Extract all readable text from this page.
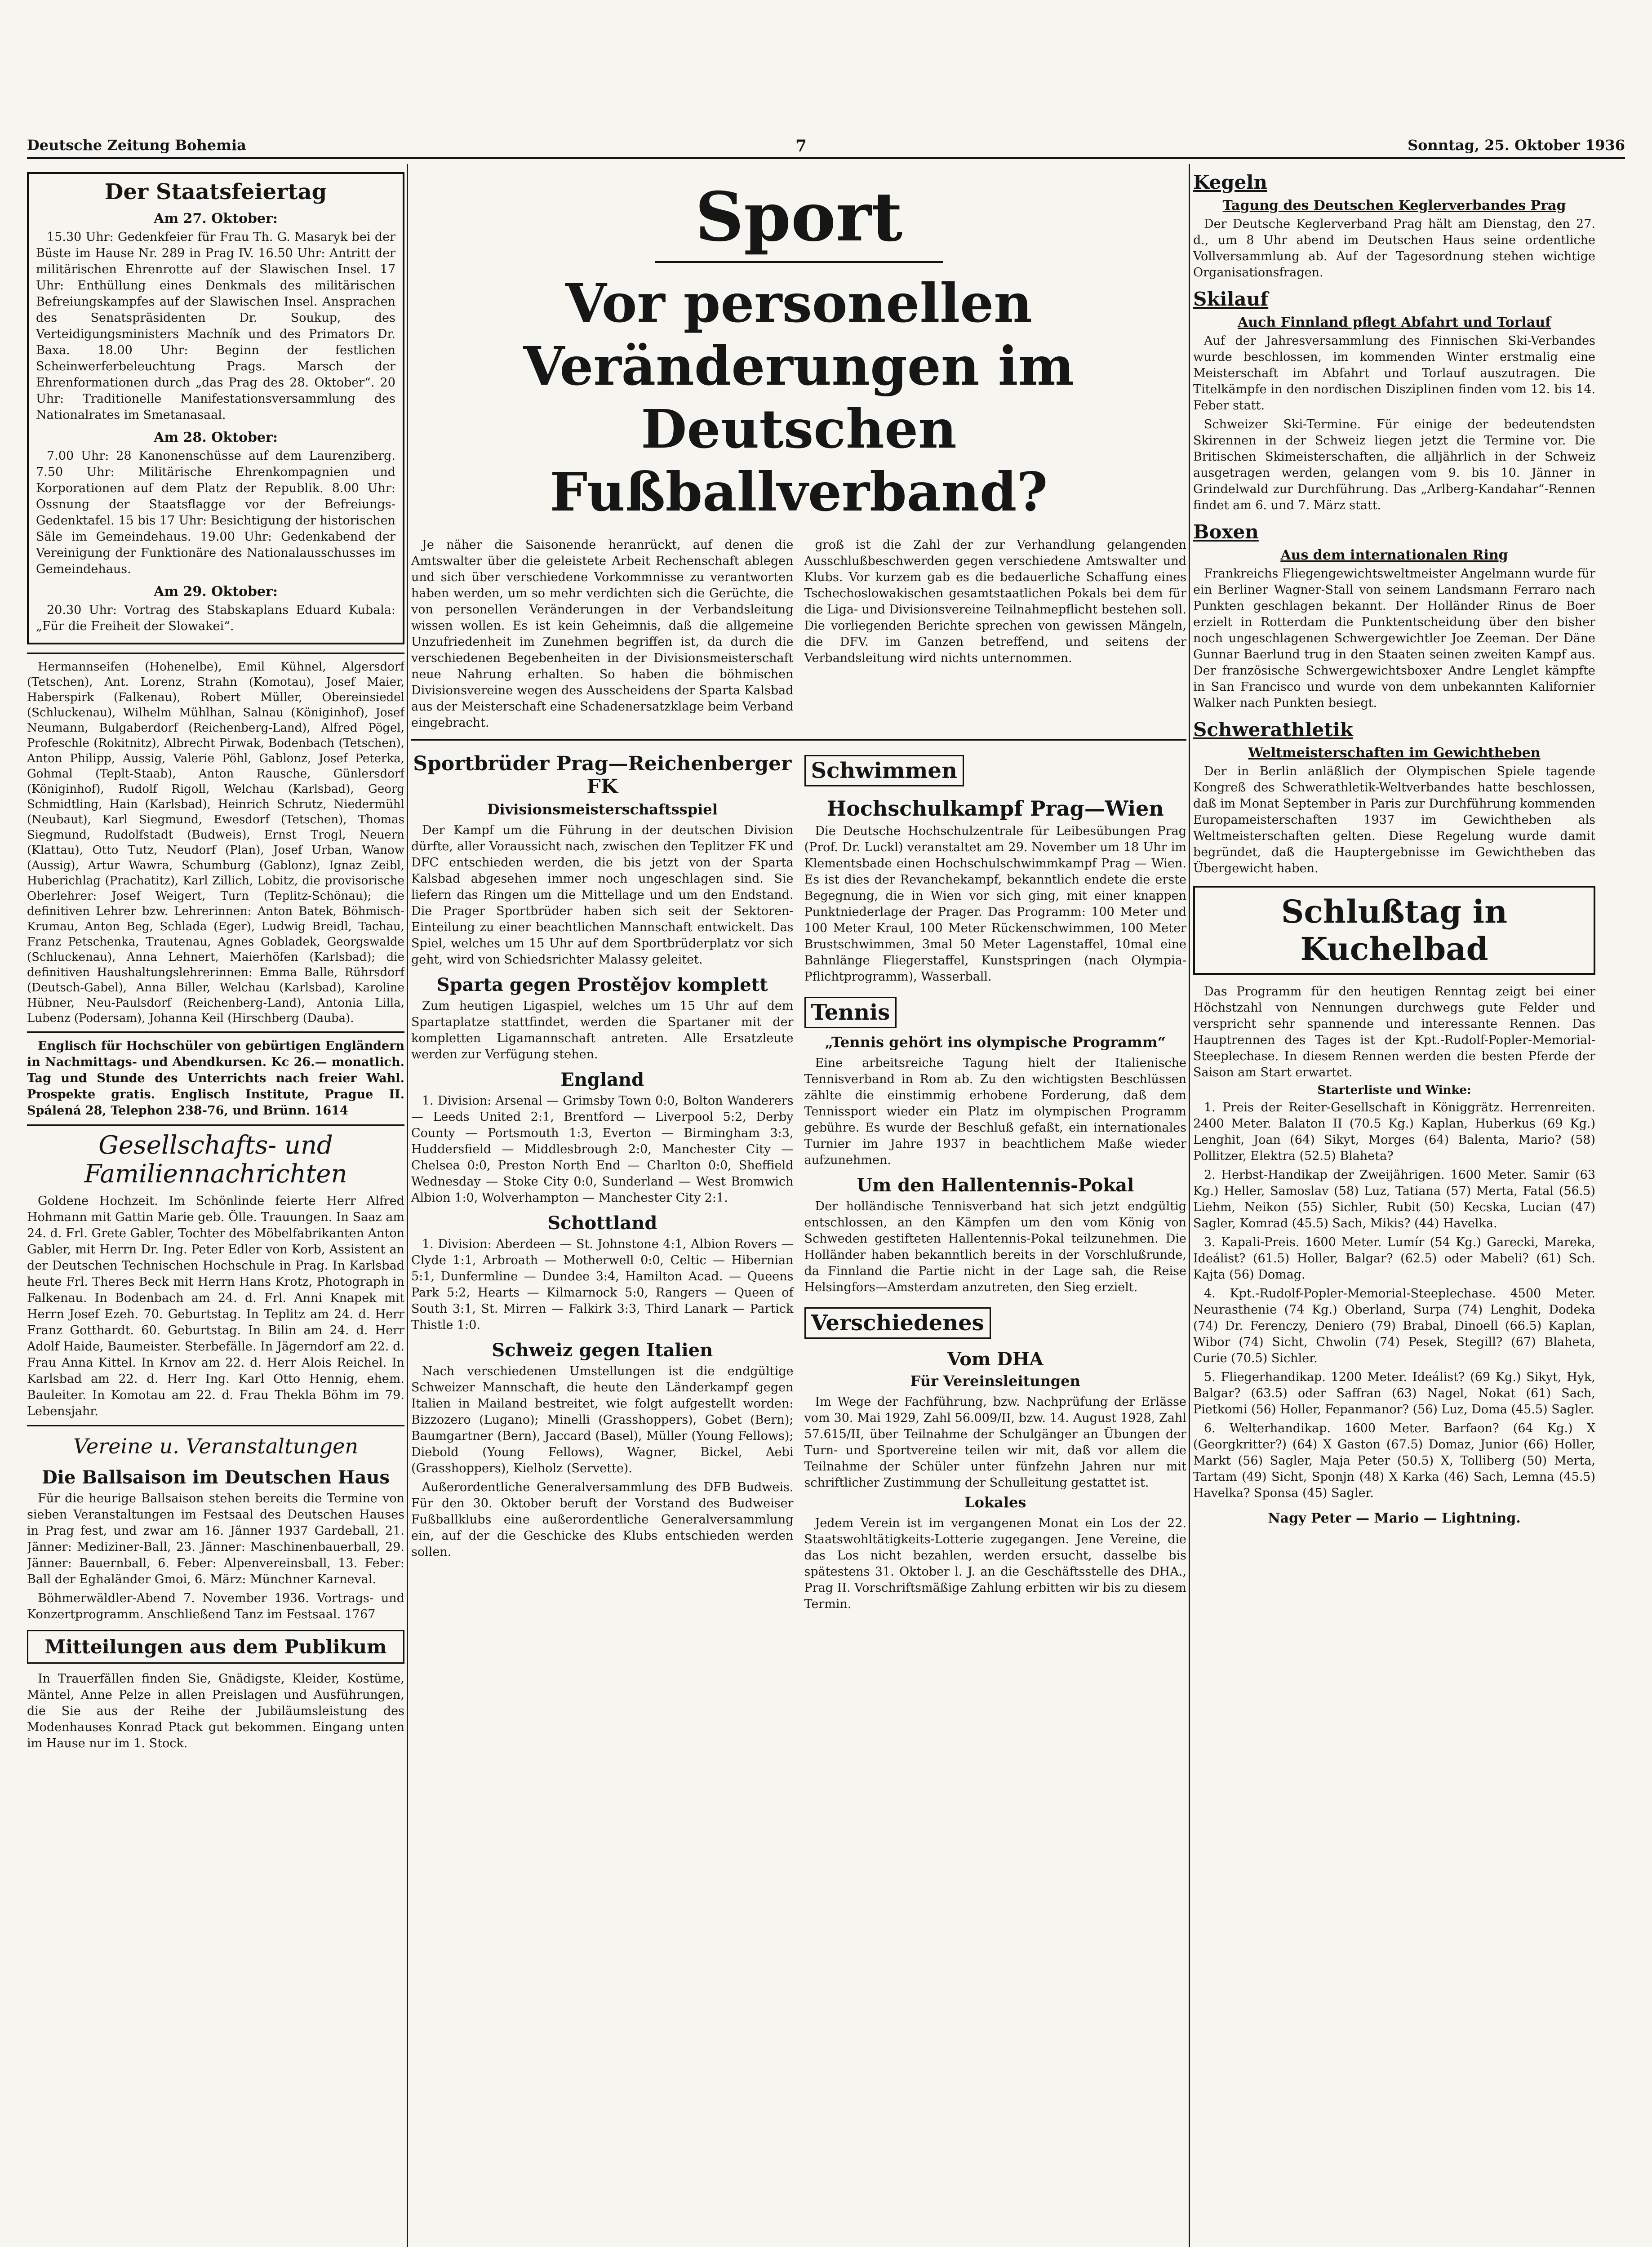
Deutsche Zeitung Bohemia	7	Sonntag, 25. Oktober 1936
Der Staatsfeiertag
Am 27. Oktober:

15.30 Uhr: Gedenkfeier für Frau Th. G. Masaryk bei der Büste im Hause Nr. 289 in Prag IV. 16.50 Uhr: Antritt der militärischen Ehrenrotte auf der Slawischen Insel. 17 Uhr: Enthüllung eines Denkmals des militärischen Befreiungskampfes auf der Slawischen Insel. Ansprachen des Senatspräsidenten Dr. Soukup, des Verteidigungsministers Machník und des Primators Dr. Baxa. 18.00 Uhr: Beginn der festlichen Scheinwerferbeleuchtung Prags. Marsch der Ehrenformationen durch „das Prag des 28. Oktober“. 20 Uhr: Traditionelle Manifestationsversammlung des Nationalrates im Smetanasaal.

Am 28. Oktober:

7.00 Uhr: 28 Kanonenschüsse auf dem Laurenziberg. 7.50 Uhr: Militärische Ehrenkompagnien und Korporationen auf dem Platz der Republik. 8.00 Uhr: Ossnung der Staatsflagge vor der Befreiungs-Gedenktafel. 15 bis 17 Uhr: Besichtigung der historischen Säle im Gemeindehaus. 19.00 Uhr: Gedenkabend der Vereinigung der Funktionäre des Nationalausschusses im Gemeindehaus.

Am 29. Oktober:

20.30 Uhr: Vortrag des Stabskaplans Eduard Kubala: „Für die Freiheit der Slowakei“.

Hermannseifen (Hohenelbe), Emil Kühnel, Algersdorf (Tetschen), Ant. Lorenz, Strahn (Komotau), Josef Maier, Haberspirk (Falkenau), Robert Müller, Obereinsiedel (Schluckenau), Wilhelm Mühlhan, Salnau (Königinhof), Josef Neumann, Bulgaberdorf (Reichenberg-Land), Alfred Pögel, Profeschle (Rokitnitz), Albrecht Pirwak, Bodenbach (Tetschen), Anton Philipp, Aussig, Valerie Pöhl, Gablonz, Josef Peterka, Gohmal (Teplt-Staab), Anton Rausche, Günlersdorf (Königinhof), Rudolf Rigoll, Welchau (Karlsbad), Georg Schmidtling, Hain (Karlsbad), Heinrich Schrutz, Niedermühl (Neubaut), Karl Siegmund, Ewesdorf (Tetschen), Thomas Siegmund, Rudolfstadt (Budweis), Ernst Trogl, Neuern (Klattau), Otto Tutz, Neudorf (Plan), Josef Urban, Wanow (Aussig), Artur Wawra, Schumburg (Gablonz), Ignaz Zeibl, Huberichlag (Prachatitz), Karl Zillich, Lobitz, die provisorische Oberlehrer: Josef Weigert, Turn (Teplitz-Schönau); die definitiven Lehrer bzw. Lehrerinnen: Anton Batek, Böhmisch-Krumau, Anton Beg, Schlada (Eger), Ludwig Breidl, Tachau, Franz Petschenka, Trautenau, Agnes Gobladek, Georgswalde (Schluckenau), Anna Lehnert, Maierhöfen (Karlsbad); die definitiven Haushaltungslehrerinnen: Emma Balle, Rührsdorf (Deutsch-Gabel), Anna Biller, Welchau (Karlsbad), Karoline Hübner, Neu-Paulsdorf (Reichenberg-Land), Antonia Lilla, Lubenz (Podersam), Johanna Keil (Hirschberg (Dauba).

Englisch für Hochschüler von gebürtigen Engländern in Nachmittags- und Abendkursen. Kc 26.— monatlich. Tag und Stunde des Unterrichts nach freier Wahl. Prospekte gratis. Englisch Institute, Prague II. Spálená 28, Telephon 238-76, und Brünn. 1614

Gesellschafts- und Familiennachrichten

Goldene Hochzeit. Im Schönlinde feierte Herr Alfred Hohmann mit Gattin Marie geb. Ölle. Trauungen. In Saaz am 24. d. Frl. Grete Gabler, Tochter des Möbelfabrikanten Anton Gabler, mit Herrn Dr. Ing. Peter Edler von Korb, Assistent an der Deutschen Technischen Hochschule in Prag. In Karlsbad heute Frl. Theres Beck mit Herrn Hans Krotz, Photograph in Falkenau. In Bodenbach am 24. d. Frl. Anni Knapek mit Herrn Josef Ezeh. 70. Geburtstag. In Teplitz am 24. d. Herr Franz Gotthardt. 60. Geburtstag. In Bilin am 24. d. Herr Adolf Haide, Baumeister. Sterbefälle. In Jägerndorf am 22. d. Frau Anna Kittel. In Krnov am 22. d. Herr Alois Reichel. In Karlsbad am 22. d. Herr Ing. Karl Otto Hennig, ehem. Bauleiter. In Komotau am 22. d. Frau Thekla Böhm im 79. Lebensjahr.

Vereine u. Veranstaltungen
Die Ballsaison im Deutschen Haus

Für die heurige Ballsaison stehen bereits die Termine von sieben Veranstaltungen im Festsaal des Deutschen Hauses in Prag fest, und zwar am 16. Jänner 1937 Gardeball, 21. Jänner: Mediziner-Ball, 23. Jänner: Maschinenbauerball, 29. Jänner: Bauernball, 6. Feber: Alpenvereinsball, 13. Feber: Ball der Eghaländer Gmoi, 6. März: Münchner Karneval.

Böhmerwäldler-Abend 7. November 1936. Vortrags- und Konzertprogramm. Anschließend Tanz im Festsaal. 1767

Mitteilungen aus dem Publikum

In Trauerfällen finden Sie, Gnädigste, Kleider, Kostüme, Mäntel, Anne Pelze in allen Preislagen und Ausführungen, die Sie aus der Reihe der Jubiläumsleistung des Modenhauses Konrad Ptack gut bekommen. Eingang unten im Hause nur im 1. Stock.

Sport
Vor personellen Veränderungen im Deutschen Fußballverband?

Je näher die Saisonende heranrückt, auf denen die Amtswalter über die geleistete Arbeit Rechenschaft ablegen und sich über verschiedene Vorkommnisse zu verantworten haben werden, um so mehr verdichten sich die Gerüchte, die von personellen Veränderungen in der Verbandsleitung wissen wollen. Es ist kein Geheimnis, daß die allgemeine Unzufriedenheit im Zunehmen begriffen ist, da durch die verschiedenen Begebenheiten in der Divisionsmeisterschaft neue Nahrung erhalten. So haben die böhmischen Divisionsvereine wegen des Ausscheidens der Sparta Kalsbad aus der Meisterschaft eine Schadenersatzklage beim Verband eingebracht.

groß ist die Zahl der zur Verhandlung gelangenden Ausschlußbeschwerden gegen verschiedene Amtswalter und Klubs. Vor kurzem gab es die bedauerliche Schaffung eines Tschechoslowakischen gesamtstaatlichen Pokals bei dem für die Liga- und Divisionsvereine Teilnahmepflicht bestehen soll. Die vorliegenden Berichte sprechen von gewissen Mängeln, die DFV. im Ganzen betreffend, und seitens der Verbandsleitung wird nichts unternommen.

Sportbrüder Prag—Reichenberger FK
Divisionsmeisterschaftsspiel

Der Kampf um die Führung in der deutschen Division dürfte, aller Voraussicht nach, zwischen den Teplitzer FK und DFC entschieden werden, die bis jetzt von der Sparta Kalsbad abgesehen immer noch ungeschlagen sind. Sie liefern das Ringen um die Mittellage und um den Endstand. Die Prager Sportbrüder haben sich seit der Sektoren-Einteilung zu einer beachtlichen Mannschaft entwickelt. Das Spiel, welches um 15 Uhr auf dem Sportbrüderplatz vor sich geht, wird von Schiedsrichter Malassy geleitet.

Sparta gegen Prostějov komplett

Zum heutigen Ligaspiel, welches um 15 Uhr auf dem Spartaplatze stattfindet, werden die Spartaner mit der kompletten Ligamannschaft antreten. Alle Ersatzleute werden zur Verfügung stehen.

England

1. Division: Arsenal — Grimsby Town 0:0, Bolton Wanderers — Leeds United 2:1, Brentford — Liverpool 5:2, Derby County — Portsmouth 1:3, Everton — Birmingham 3:3, Huddersfield — Middlesbrough 2:0, Manchester City — Chelsea 0:0, Preston North End — Charlton 0:0, Sheffield Wednesday — Stoke City 0:0, Sunderland — West Bromwich Albion 1:0, Wolverhampton — Manchester City 2:1.

Schottland

1. Division: Aberdeen — St. Johnstone 4:1, Albion Rovers — Clyde 1:1, Arbroath — Motherwell 0:0, Celtic — Hibernian 5:1, Dunfermline — Dundee 3:4, Hamilton Acad. — Queens Park 5:2, Hearts — Kilmarnock 5:0, Rangers — Queen of South 3:1, St. Mirren — Falkirk 3:3, Third Lanark — Partick Thistle 1:0.

Schweiz gegen Italien

Nach verschiedenen Umstellungen ist die endgültige Schweizer Mannschaft, die heute den Länderkampf gegen Italien in Mailand bestreitet, wie folgt aufgestellt worden: Bizzozero (Lugano); Minelli (Grasshoppers), Gobet (Bern); Baumgartner (Bern), Jaccard (Basel), Müller (Young Fellows); Diebold (Young Fellows), Wagner, Bickel, Aebi (Grasshoppers), Kielholz (Servette).

Außerordentliche Generalversammlung des DFB Budweis. Für den 30. Oktober beruft der Vorstand des Budweiser Fußballklubs eine außerordentliche Generalversammlung ein, auf der die Geschicke des Klubs entschieden werden sollen.

Schwimmen
Hochschulkampf Prag—Wien

Die Deutsche Hochschulzentrale für Leibesübungen Prag (Prof. Dr. Luckl) veranstaltet am 29. November um 18 Uhr im Klementsbade einen Hochschulschwimmkampf Prag — Wien. Es ist dies der Revanchekampf, bekanntlich endete die erste Begegnung, die in Wien vor sich ging, mit einer knappen Punktniederlage der Prager. Das Programm: 100 Meter und 100 Meter Kraul, 100 Meter Rückenschwimmen, 100 Meter Brustschwimmen, 3mal 50 Meter Lagenstaffel, 10mal eine Bahnlänge Fliegerstaffel, Kunstspringen (nach Olympia-Pflichtprogramm), Wasserball.

Tennis
„Tennis gehört ins olympische Programm“

Eine arbeitsreiche Tagung hielt der Italienische Tennisverband in Rom ab. Zu den wichtigsten Beschlüssen zählte die einstimmig erhobene Forderung, daß dem Tennissport wieder ein Platz im olympischen Programm gebühre. Es wurde der Beschluß gefaßt, ein internationales Turnier im Jahre 1937 in beachtlichem Maße wieder aufzunehmen.

Um den Hallentennis-Pokal

Der holländische Tennisverband hat sich jetzt endgültig entschlossen, an den Kämpfen um den vom König von Schweden gestifteten Hallentennis-Pokal teilzunehmen. Die Holländer haben bekanntlich bereits in der Vorschlußrunde, da Finnland die Partie nicht in der Lage sah, die Reise Helsingfors—Amsterdam anzutreten, den Sieg erzielt.

Verschiedenes
Vom DHA
Für Vereinsleitungen

Im Wege der Fachführung, bzw. Nachprüfung der Erlässe vom 30. Mai 1929, Zahl 56.009/II, bzw. 14. August 1928, Zahl 57.615/II, über Teilnahme der Schulgänger an Übungen der Turn- und Sportvereine teilen wir mit, daß vor allem die Teilnahme der Schüler unter fünfzehn Jahren nur mit schriftlicher Zustimmung der Schulleitung gestattet ist.

Lokales

Jedem Verein ist im vergangenen Monat ein Los der 22. Staatswohltätigkeits-Lotterie zugegangen. Jene Vereine, die das Los nicht bezahlen, werden ersucht, dasselbe bis spätestens 31. Oktober l. J. an die Geschäftsstelle des DHA., Prag II. Vorschriftsmäßige Zahlung erbitten wir bis zu diesem Termin.

Kegeln
Tagung des Deutschen Keglerverbandes Prag

Der Deutsche Keglerverband Prag hält am Dienstag, den 27. d., um 8 Uhr abend im Deutschen Haus seine ordentliche Vollversammlung ab. Auf der Tagesordnung stehen wichtige Organisationsfragen.

Skilauf
Auch Finnland pflegt Abfahrt und Torlauf

Auf der Jahresversammlung des Finnischen Ski-Verbandes wurde beschlossen, im kommenden Winter erstmalig eine Meisterschaft im Abfahrt und Torlauf auszutragen. Die Titelkämpfe in den nordischen Disziplinen finden vom 12. bis 14. Feber statt.

Schweizer Ski-Termine. Für einige der bedeutendsten Skirennen in der Schweiz liegen jetzt die Termine vor. Die Britischen Skimeisterschaften, die alljährlich in der Schweiz ausgetragen werden, gelangen vom 9. bis 10. Jänner in Grindelwald zur Durchführung. Das „Arlberg-Kandahar“-Rennen findet am 6. und 7. März statt.

Boxen
Aus dem internationalen Ring

Frankreichs Fliegengewichtsweltmeister Angelmann wurde für ein Berliner Wagner-Stall von seinem Landsmann Ferraro nach Punkten geschlagen bekannt. Der Holländer Rinus de Boer erzielt in Rotterdam die Punktentscheidung über den bisher noch ungeschlagenen Schwergewichtler Joe Zeeman. Der Däne Gunnar Baerlund trug in den Staaten seinen zweiten Kampf aus. Der französische Schwergewichtsboxer Andre Lenglet kämpfte in San Francisco und wurde von dem unbekannten Kalifornier Walker nach Punkten besiegt.

Schwerathletik
Weltmeisterschaften im Gewichtheben

Der in Berlin anläßlich der Olympischen Spiele tagende Kongreß des Schwerathletik-Weltverbandes hatte beschlossen, daß im Monat September in Paris zur Durchführung kommenden Europameisterschaften 1937 im Gewichtheben als Weltmeisterschaften gelten. Diese Regelung wurde damit begründet, daß die Hauptergebnisse im Gewichtheben das Übergewicht haben.

Schlußtag in Kuchelbad

Das Programm für den heutigen Renntag zeigt bei einer Höchstzahl von Nennungen durchwegs gute Felder und verspricht sehr spannende und interessante Rennen. Das Hauptrennen des Tages ist der Kpt.-Rudolf-Popler-Memorial-Steeplechase. In diesem Rennen werden die besten Pferde der Saison am Start erwartet.

Starterliste und Winke:

1. Preis der Reiter-Gesellschaft in Königgrätz. Herrenreiten. 2400 Meter. Balaton II (70.5 Kg.) Kaplan, Huberkus (69 Kg.) Lenghit, Joan (64) Sikyt, Morges (64) Balenta, Mario? (58) Pollitzer, Elektra (52.5) Blaheta?

2. Herbst-Handikap der Zweijährigen. 1600 Meter. Samir (63 Kg.) Heller, Samoslav (58) Luz, Tatiana (57) Merta, Fatal (56.5) Liehm, Neikon (55) Sichler, Rubit (50) Kecska, Lucian (47) Sagler, Komrad (45.5) Sach, Mikis? (44) Havelka.

3. Kapali-Preis. 1600 Meter. Lumír (54 Kg.) Garecki, Mareka, Ideálist? (61.5) Holler, Balgar? (62.5) oder Mabeli? (61) Sch. Kajta (56) Domag.

4. Kpt.-Rudolf-Popler-Memorial-Steeplechase. 4500 Meter. Neurasthenie (74 Kg.) Oberland, Surpa (74) Lenghit, Dodeka (74) Dr. Ferenczy, Deniero (79) Brabal, Dinoell (66.5) Kaplan, Wibor (74) Sicht, Chwolin (74) Pesek, Stegill? (67) Blaheta, Curie (70.5) Sichler.

5. Fliegerhandikap. 1200 Meter. Ideálist? (69 Kg.) Sikyt, Hyk, Balgar? (63.5) oder Saffran (63) Nagel, Nokat (61) Sach, Pietkomi (56) Holler, Fepanmanor? (56) Luz, Doma (45.5) Sagler.

6. Welterhandikap. 1600 Meter. Barfaon? (64 Kg.) X (Georgkritter?) (64) X Gaston (67.5) Domaz, Junior (66) Holler, Markt (56) Sagler, Maja Peter (50.5) X, Tolliberg (50) Merta, Tartam (49) Sicht, Sponjn (48) X Karka (46) Sach, Lemna (45.5) Havelka? Sponsa (45) Sagler.

Nagy Peter — Mario — Lightning.
